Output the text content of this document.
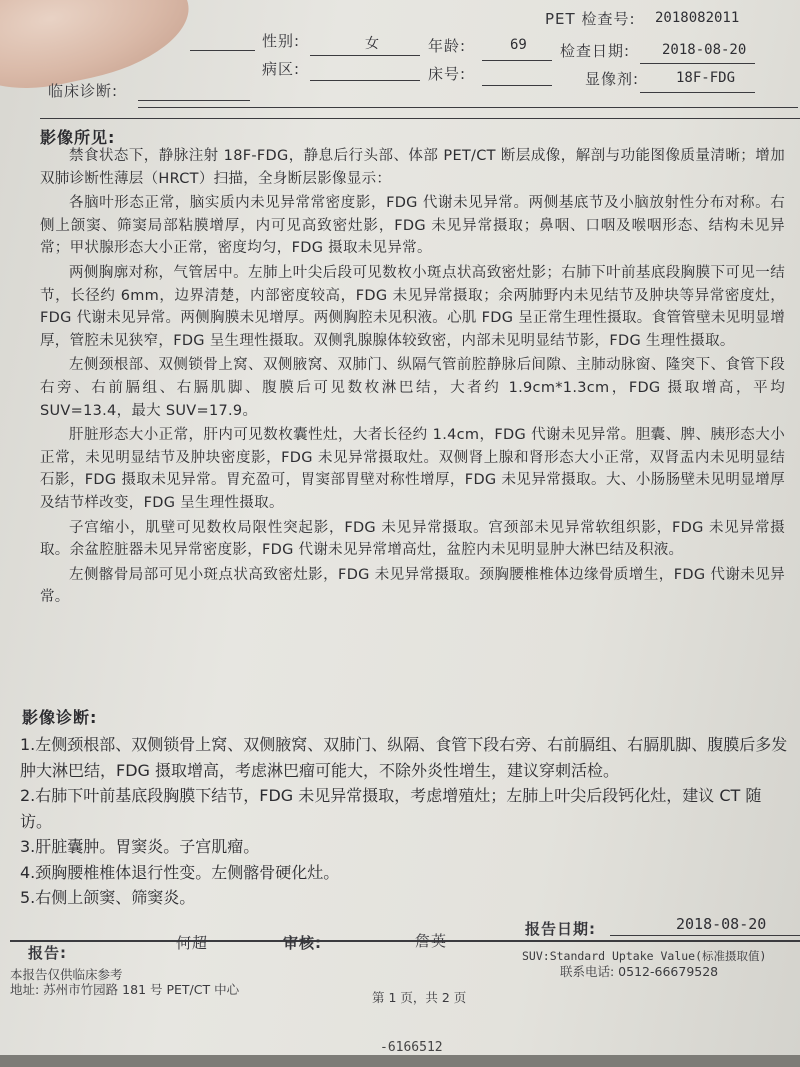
PET 检查号: 2018082011
性别:	女	年龄:	69 检查日期: 2018-08-20
病区:	床号:	显像剂:	18F-FDG
临床诊断:
影像所见:

禁食状态下，静脉注射 18F-FDG，静息后行头部、体部 PET/CT 断层成像，解剖与功能图像质量清晰；增加双肺诊断性薄层（HRCT）扫描，全身断层影像显示：

各脑叶形态正常，脑实质内未见异常常密度影，FDG 代谢未见异常。两侧基底节及小脑放射性分布对称。右侧上颌窦、筛窦局部粘膜增厚，内可见高致密灶影，FDG 未见异常摄取；鼻咽、口咽及喉咽形态、结构未见异常；甲状腺形态大小正常，密度均匀，FDG 摄取未见异常。

两侧胸廓对称，气管居中。左肺上叶尖后段可见数枚小斑点状高致密灶影；右肺下叶前基底段胸膜下可见一结节，长径约 6mm，边界清楚，内部密度较高，FDG 未见异常摄取；余两肺野内未见结节及肿块等异常密度灶，FDG 代谢未见异常。两侧胸膜未见增厚。两侧胸腔未见积液。心肌 FDG 呈正常生理性摄取。食管管壁未见明显增厚，管腔未见狭窄，FDG 呈生理性摄取。双侧乳腺腺体较致密，内部未见明显结节影，FDG 生理性摄取。

左侧颈根部、双侧锁骨上窝、双侧腋窝、双肺门、纵隔气管前腔静脉后间隙、主肺动脉窗、隆突下、食管下段右旁、右前膈组、右膈肌脚、腹膜后可见数枚淋巴结，大者约 1.9cm*1.3cm，FDG 摄取增高，平均 SUV=13.4，最大 SUV=17.9。

肝脏形态大小正常，肝内可见数枚囊性灶，大者长径约 1.4cm，FDG 代谢未见异常。胆囊、脾、胰形态大小正常，未见明显结节及肿块密度影，FDG 未见异常摄取灶。双侧肾上腺和肾形态大小正常，双肾盂内未见明显结石影，FDG 摄取未见异常。胃充盈可，胃窦部胃壁对称性增厚，FDG 未见异常摄取。大、小肠肠壁未见明显增厚及结节样改变，FDG 呈生理性摄取。

子宫缩小，肌壁可见数枚局限性突起影，FDG 未见异常摄取。宫颈部未见异常软组织影，FDG 未见异常摄取。余盆腔脏器未见异常密度影，FDG 代谢未见异常增高灶，盆腔内未见明显肿大淋巴结及积液。

左侧髂骨局部可见小斑点状高致密灶影，FDG 未见异常摄取。颈胸腰椎椎体边缘骨质增生，FDG 代谢未见异常。

影像诊断:
1.左侧颈根部、双侧锁骨上窝、双侧腋窝、双肺门、纵隔、食管下段右旁、右前膈组、右膈肌脚、腹膜后多发肿大淋巴结，FDG 摄取增高，考虑淋巴瘤可能大，不除外炎性增生，建议穿刺活检。
2.右肺下叶前基底段胸膜下结节，FDG 未见异常摄取，考虑增殖灶；左肺上叶尖后段钙化灶，建议 CT 随访。
3.肝脏囊肿。胃窦炎。子宫肌瘤。
4.颈胸腰椎椎体退行性变。左侧髂骨硬化灶。
5.右侧上颌窦、筛窦炎。
报告日期:	2018-08-20
报告:
何超	审核:	詹英
本报告仅供临床参考
地址: 苏州市竹园路 181 号 PET/CT 中心
第 1 页，共 2 页
SUV:Standard Uptake Value(标准摄取值)
联系电话: 0512-66679528
-6166512
